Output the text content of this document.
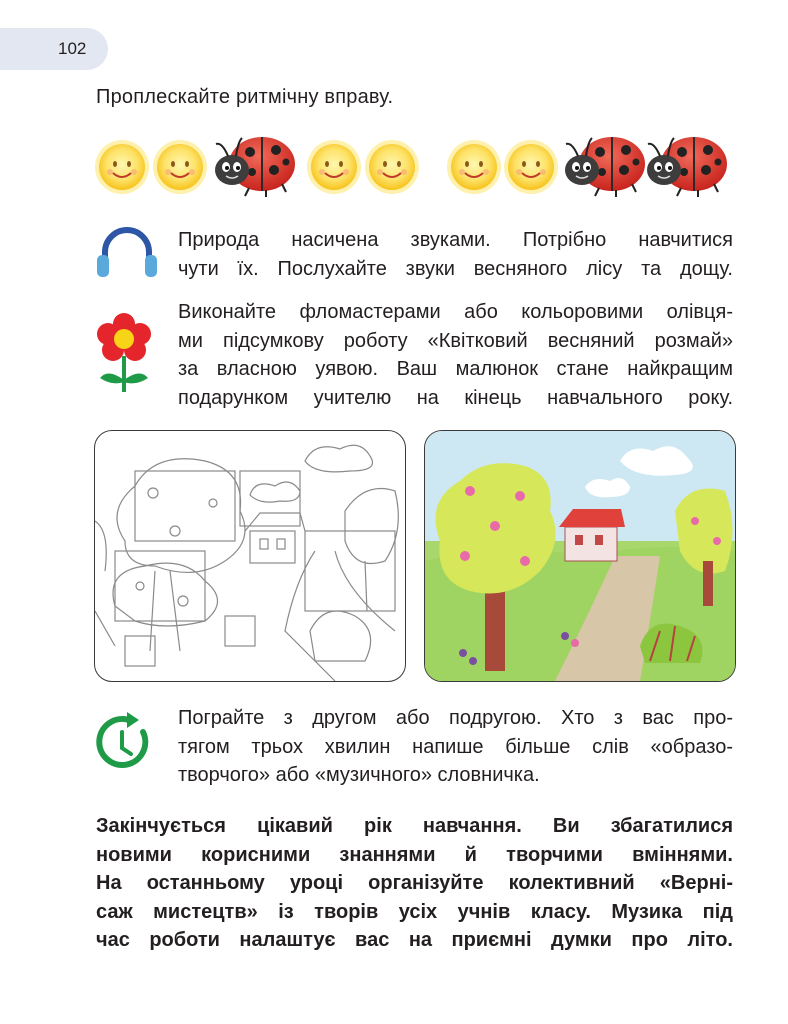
102
Проплескайте ритмічну вправу.
Природа насичена звуками. Потрібно навчитися
чути їх. Послухайте звуки весняного лісу та дощу.
Виконайте фломастерами або кольоровими олівця-
ми підсумкову роботу «Квітковий весняний розмай»
за власною уявою. Ваш малюнок стане найкращим
подарунком учителю на кінець навчального року.
Пограйте з другом або подругою. Хто з вас про-
тягом трьох хвилин напише більше слів «образо-
творчого» або «музичного» словничка.
Закінчується цікавий рік навчання. Ви збагатилися
новими корисними знаннями й творчими вміннями.
На останньому уроці організуйте колективний «Верні-
саж мистецтв» із творів усіх учнів класу. Музика під
час роботи налаштує вас на приємні думки про літо.
